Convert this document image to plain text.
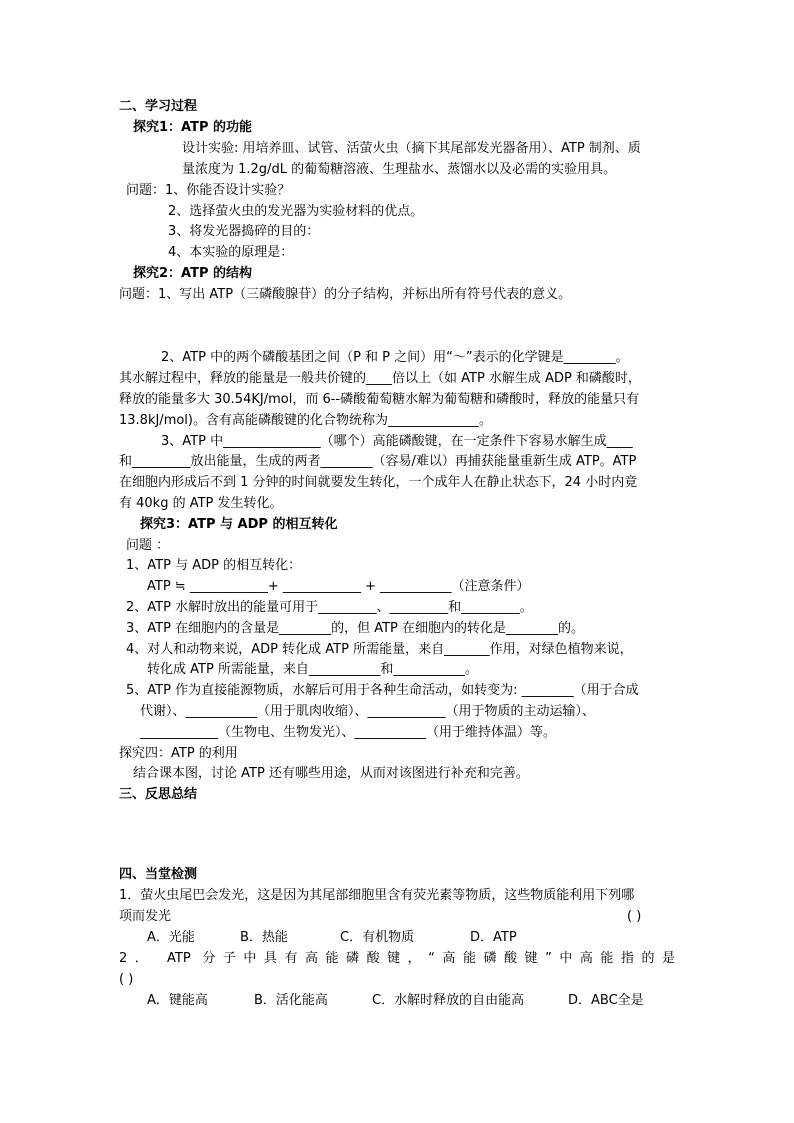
二、学习过程
探究1：ATP 的功能
设计实验: 用培养皿、试管、活萤火虫（摘下其尾部发光器备用）、ATP 制剂、质
量浓度为 1.2g/dL 的葡萄糖溶液、生理盐水、蒸馏水以及必需的实验用具。
问题：1、你能否设计实验？
2、选择萤火虫的发光器为实验材料的优点。
3、将发光器捣碎的目的：
4、本实验的原理是：
探究2：ATP 的结构
问题：1、写出 ATP（三磷酸腺苷）的分子结构，并标出所有符号代表的意义。
2、ATP 中的两个磷酸基团之间（P 和 P 之间）用“～”表示的化学键是________。
其水解过程中，释放的能量是一般共价键的____倍以上（如 ATP 水解生成 ADP 和磷酸时，
释放的能量多大 30.54KJ/mol，而 6--磷酸葡萄糖水解为葡萄糖和磷酸时，释放的能量只有
13.8kJ/mol)。含有高能磷酸键的化合物统称为______________。
3、ATP 中_______________（哪个）高能磷酸键，在一定条件下容易水解生成____
和_________放出能量，生成的两者________（容易/难以）再捕获能量重新生成 ATP。ATP
在细胞内形成后不到 1 分钟的时间就要发生转化，一个成年人在静止状态下，24 小时内竟
有 40kg 的 ATP 发生转化。
探究3：ATP 与 ADP 的相互转化
问题 ：
1、ATP 与 ADP 的相互转化：
ATP ≒ ____________+ ____________ + ___________（注意条件）
2、ATP 水解时放出的能量可用于_________、_________和_________。
3、ATP 在细胞内的含量是________的，但 ATP 在细胞内的转化是________的。
4、对人和动物来说，ADP 转化成 ATP 所需能量，来自_______作用，对绿色植物来说，
转化成 ATP 所需能量，来自___________和___________。
5、ATP 作为直接能源物质，水解后可用于各种生命活动，如转变为: ________（用于合成
代谢）、___________（用于肌肉收缩）、____________（用于物质的主动运输）、
____________（生物电、生物发光）、___________（用于维持体温）等。
探究四：ATP 的利用
结合课本图，讨论 ATP 还有哪些用途，从而对该图进行补充和完善。
三、反思总结
四、当堂检测
1．萤火虫尾巴会发光，这是因为其尾部细胞里含有荧光素等物质，这些物质能利用下列哪
项而发光	( )
A．光能	B．热能	C．有机物质	D．ATP
2． ATP 分子中具有高能磷酸键，“高能磷酸键”中高能指的是
( )
A．键能高	B．活化能高	C．水解时释放的自由能高	D．ABC全是
